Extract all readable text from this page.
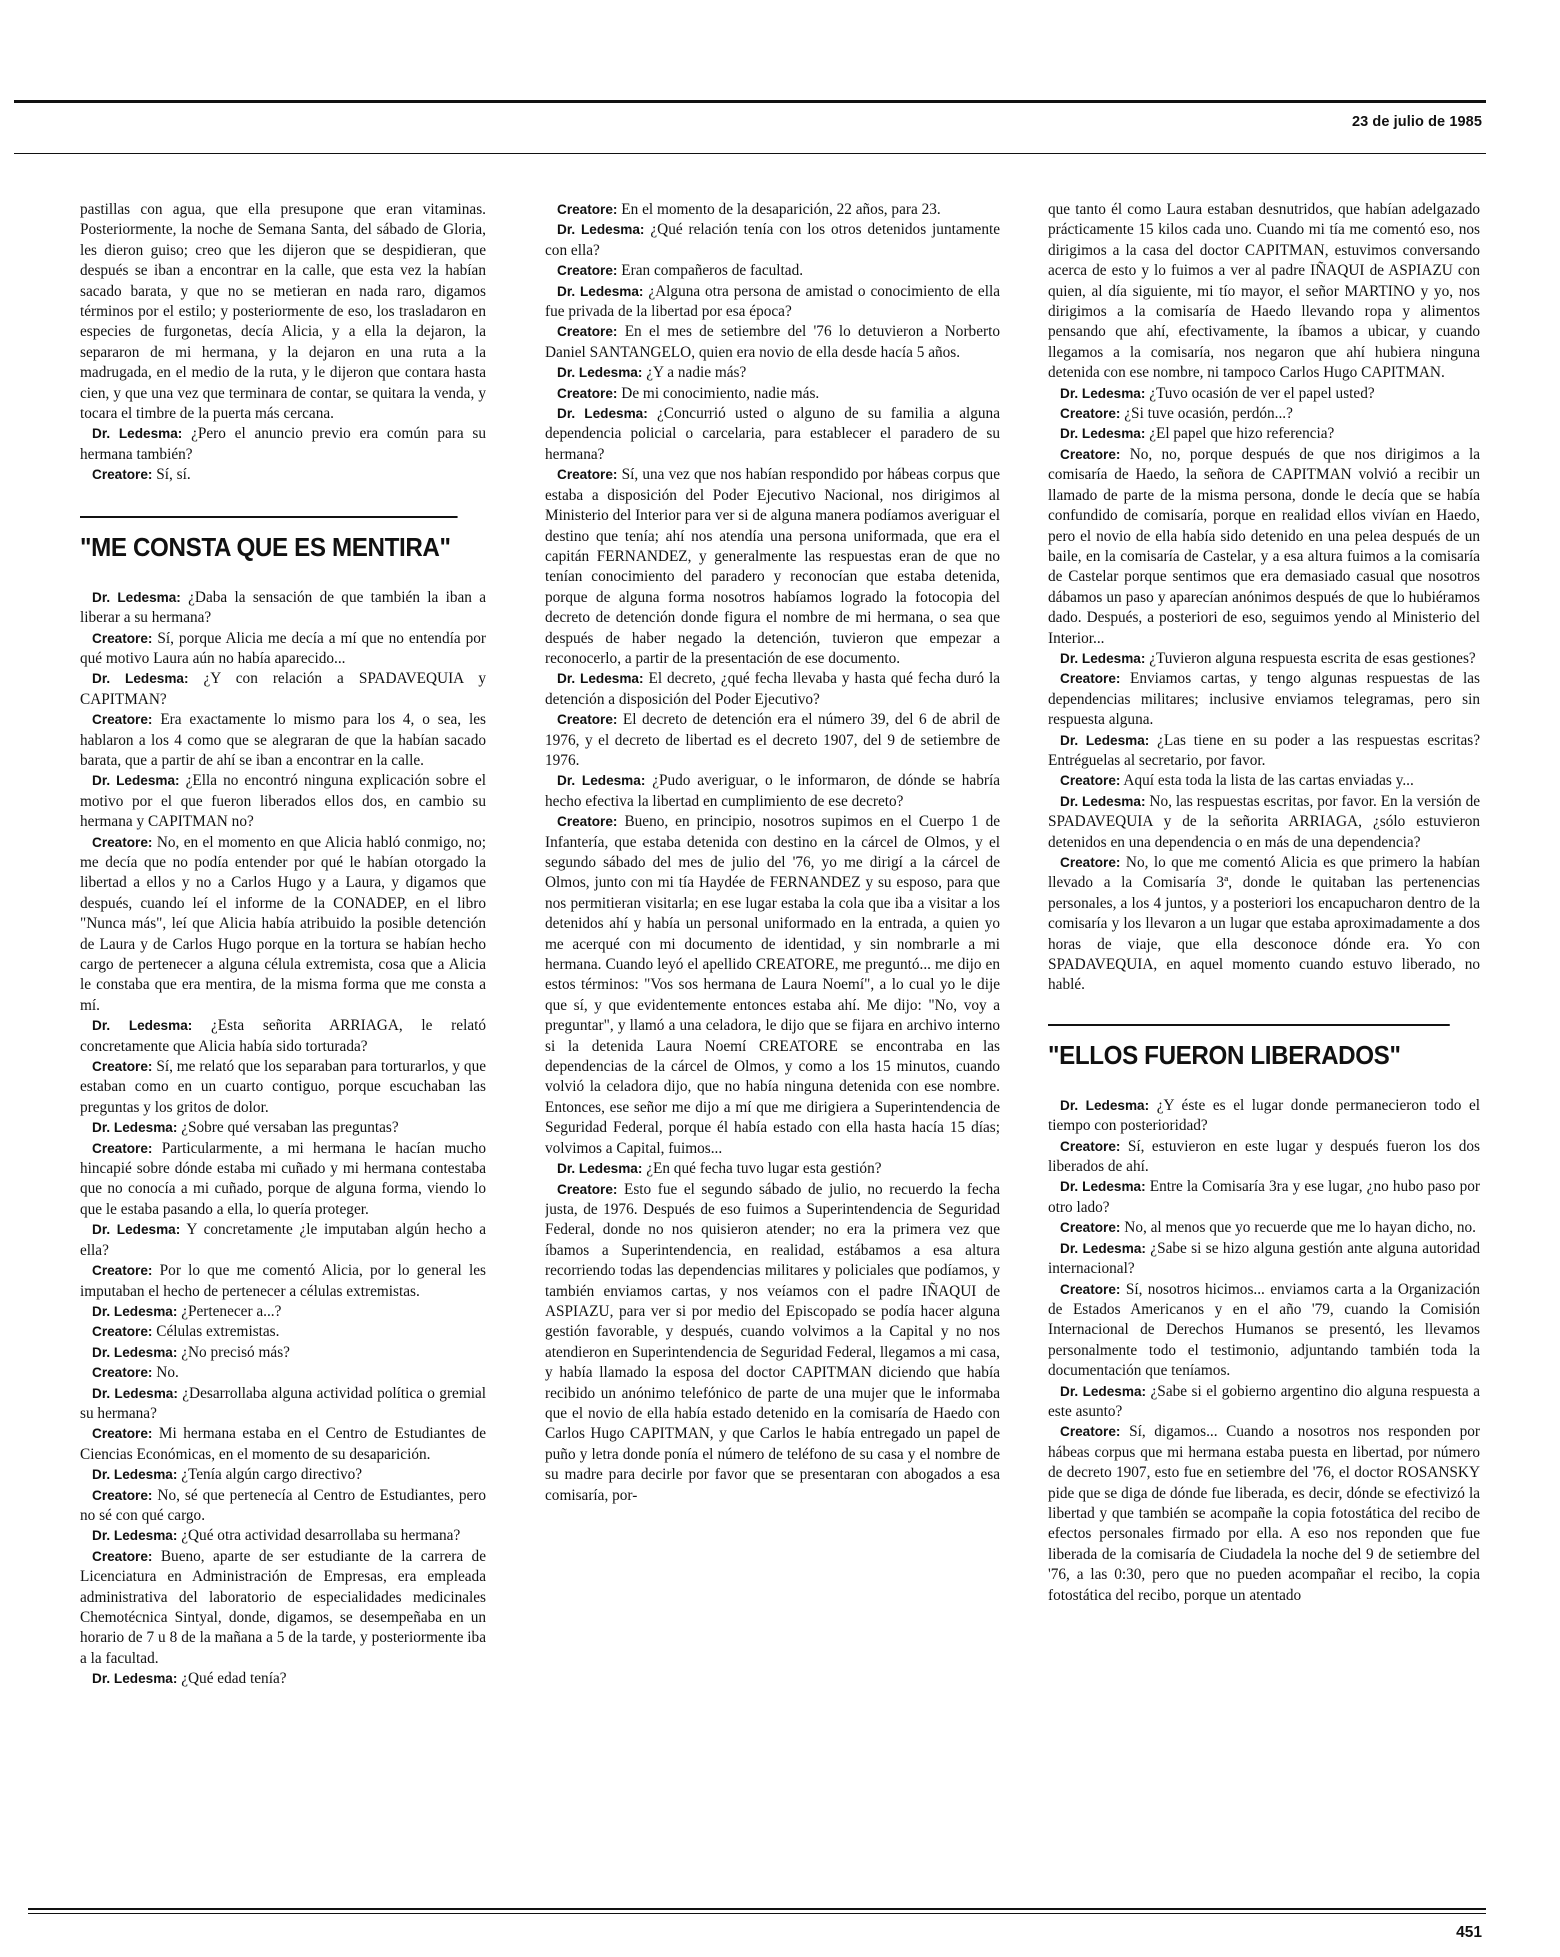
23 de julio de 1985

pastillas con agua, que ella presupone que eran vitaminas. Posteriormente, la noche de Semana Santa, del sábado de Gloria, les dieron guiso; creo que les dijeron que se despidieran, que después se iban a encontrar en la calle, que esta vez la habían sacado barata, y que no se metieran en nada raro, digamos términos por el estilo; y posteriormente de eso, los trasladaron en especies de furgonetas, decía Alicia, y a ella la dejaron, la separaron de mi hermana, y la dejaron en una ruta a la madrugada, en el medio de la ruta, y le dijeron que contara hasta cien, y que una vez que terminara de contar, se quitara la venda, y tocara el timbre de la puerta más cercana.

Dr. Ledesma: ¿Pero el anuncio previo era común para su hermana también?

Creatore: Sí, sí.

"ME CONSTA QUE ES MENTIRA"

Dr. Ledesma: ¿Daba la sensación de que también la iban a liberar a su hermana?

Creatore: Sí, porque Alicia me decía a mí que no entendía por qué motivo Laura aún no había aparecido...

Dr. Ledesma: ¿Y con relación a SPADAVEQUIA y CAPITMAN?

Creatore: Era exactamente lo mismo para los 4, o sea, les hablaron a los 4 como que se alegraran de que la habían sacado barata, que a partir de ahí se iban a encontrar en la calle.

Dr. Ledesma: ¿Ella no encontró ninguna explicación sobre el motivo por el que fueron liberados ellos dos, en cambio su hermana y CAPITMAN no?

Creatore: No, en el momento en que Alicia habló conmigo, no; me decía que no podía entender por qué le habían otorgado la libertad a ellos y no a Carlos Hugo y a Laura, y digamos que después, cuando leí el informe de la CONADEP, en el libro "Nunca más", leí que Alicia había atribuido la posible detención de Laura y de Carlos Hugo porque en la tortura se habían hecho cargo de pertenecer a alguna célula extremista, cosa que a Alicia le constaba que era mentira, de la misma forma que me consta a mí.

Dr. Ledesma: ¿Esta señorita ARRIAGA, le relató concretamente que Alicia había sido torturada?

Creatore: Sí, me relató que los separaban para torturarlos, y que estaban como en un cuarto contiguo, porque escuchaban las preguntas y los gritos de dolor.

Dr. Ledesma: ¿Sobre qué versaban las preguntas?

Creatore: Particularmente, a mi hermana le hacían mucho hincapié sobre dónde estaba mi cuñado y mi hermana contestaba que no conocía a mi cuñado, porque de alguna forma, viendo lo que le estaba pasando a ella, lo quería proteger.

Dr. Ledesma: Y concretamente ¿le imputaban algún hecho a ella?

Creatore: Por lo que me comentó Alicia, por lo general les imputaban el hecho de pertenecer a células extremistas.

Dr. Ledesma: ¿Pertenecer a...?

Creatore: Células extremistas.

Dr. Ledesma: ¿No precisó más?

Creatore: No.

Dr. Ledesma: ¿Desarrollaba alguna actividad política o gremial su hermana?

Creatore: Mi hermana estaba en el Centro de Estudiantes de Ciencias Económicas, en el momento de su desaparición.

Dr. Ledesma: ¿Tenía algún cargo directivo?

Creatore: No, sé que pertenecía al Centro de Estudiantes, pero no sé con qué cargo.

Dr. Ledesma: ¿Qué otra actividad desarrollaba su hermana?

Creatore: Bueno, aparte de ser estudiante de la carrera de Licenciatura en Administración de Empresas, era empleada administrativa del laboratorio de especialidades medicinales Chemotécnica Sintyal, donde, digamos, se desempeñaba en un horario de 7 u 8 de la mañana a 5 de la tarde, y posteriormente iba a la facultad.

Dr. Ledesma: ¿Qué edad tenía?

Creatore: En el momento de la desaparición, 22 años, para 23.

Dr. Ledesma: ¿Qué relación tenía con los otros detenidos juntamente con ella?

Creatore: Eran compañeros de facultad.

Dr. Ledesma: ¿Alguna otra persona de amistad o conocimiento de ella fue privada de la libertad por esa época?

Creatore: En el mes de setiembre del '76 lo detuvieron a Norberto Daniel SANTANGELO, quien era novio de ella desde hacía 5 años.

Dr. Ledesma: ¿Y a nadie más?

Creatore: De mi conocimiento, nadie más.

Dr. Ledesma: ¿Concurrió usted o alguno de su familia a alguna dependencia policial o carcelaria, para establecer el paradero de su hermana?

Creatore: Sí, una vez que nos habían respondido por hábeas corpus que estaba a disposición del Poder Ejecutivo Nacional, nos dirigimos al Ministerio del Interior para ver si de alguna manera podíamos averiguar el destino que tenía; ahí nos atendía una persona uniformada, que era el capitán FERNANDEZ, y generalmente las respuestas eran de que no tenían conocimiento del paradero y reconocían que estaba detenida, porque de alguna forma nosotros habíamos logrado la fotocopia del decreto de detención donde figura el nombre de mi hermana, o sea que después de haber negado la detención, tuvieron que empezar a reconocerlo, a partir de la presentación de ese documento.

Dr. Ledesma: El decreto, ¿qué fecha llevaba y hasta qué fecha duró la detención a disposición del Poder Ejecutivo?

Creatore: El decreto de detención era el número 39, del 6 de abril de 1976, y el decreto de libertad es el decreto 1907, del 9 de setiembre de 1976.

Dr. Ledesma: ¿Pudo averiguar, o le informaron, de dónde se habría hecho efectiva la libertad en cumplimiento de ese decreto?

Creatore: Bueno, en principio, nosotros supimos en el Cuerpo 1 de Infantería, que estaba detenida con destino en la cárcel de Olmos, y el segundo sábado del mes de julio del '76, yo me dirigí a la cárcel de Olmos, junto con mi tía Haydée de FERNANDEZ y su esposo, para que nos permitieran visitarla; en ese lugar estaba la cola que iba a visitar a los detenidos ahí y había un personal uniformado en la entrada, a quien yo me acerqué con mi documento de identidad, y sin nombrarle a mi hermana. Cuando leyó el apellido CREATORE, me preguntó... me dijo en estos términos: "Vos sos hermana de Laura Noemí", a lo cual yo le dije que sí, y que evidentemente entonces estaba ahí. Me dijo: "No, voy a preguntar", y llamó a una celadora, le dijo que se fijara en archivo interno si la detenida Laura Noemí CREATORE se encontraba en las dependencias de la cárcel de Olmos, y como a los 15 minutos, cuando volvió la celadora dijo, que no había ninguna detenida con ese nombre. Entonces, ese señor me dijo a mí que me dirigiera a Superintendencia de Seguridad Federal, porque él había estado con ella hasta hacía 15 días; volvimos a Capital, fuimos...

Dr. Ledesma: ¿En qué fecha tuvo lugar esta gestión?

Creatore: Esto fue el segundo sábado de julio, no recuerdo la fecha justa, de 1976. Después de eso fuimos a Superintendencia de Seguridad Federal, donde no nos quisieron atender; no era la primera vez que íbamos a Superintendencia, en realidad, estábamos a esa altura recorriendo todas las dependencias militares y policiales que podíamos, y también enviamos cartas, y nos veíamos con el padre IÑAQUI de ASPIAZU, para ver si por medio del Episcopado se podía hacer alguna gestión favorable, y después, cuando volvimos a la Capital y no nos atendieron en Superintendencia de Seguridad Federal, llegamos a mi casa, y había llamado la esposa del doctor CAPITMAN diciendo que había recibido un anónimo telefónico de parte de una mujer que le informaba que el novio de ella había estado detenido en la comisaría de Haedo con Carlos Hugo CAPITMAN, y que Carlos le había entregado un papel de puño y letra donde ponía el número de teléfono de su casa y el nombre de su madre para decirle por favor que se presentaran con abogados a esa comisaría, por-

que tanto él como Laura estaban desnutridos, que habían adelgazado prácticamente 15 kilos cada uno. Cuando mi tía me comentó eso, nos dirigimos a la casa del doctor CAPITMAN, estuvimos conversando acerca de esto y lo fuimos a ver al padre IÑAQUI de ASPIAZU con quien, al día siguiente, mi tío mayor, el señor MARTINO y yo, nos dirigimos a la comisaría de Haedo llevando ropa y alimentos pensando que ahí, efectivamente, la íbamos a ubicar, y cuando llegamos a la comisaría, nos negaron que ahí hubiera ninguna detenida con ese nombre, ni tampoco Carlos Hugo CAPITMAN.

Dr. Ledesma: ¿Tuvo ocasión de ver el papel usted?

Creatore: ¿Si tuve ocasión, perdón...?

Dr. Ledesma: ¿El papel que hizo referencia?

Creatore: No, no, porque después de que nos dirigimos a la comisaría de Haedo, la señora de CAPITMAN volvió a recibir un llamado de parte de la misma persona, donde le decía que se había confundido de comisaría, porque en realidad ellos vivían en Haedo, pero el novio de ella había sido detenido en una pelea después de un baile, en la comisaría de Castelar, y a esa altura fuimos a la comisaría de Castelar porque sentimos que era demasiado casual que nosotros dábamos un paso y aparecían anónimos después de que lo hubiéramos dado. Después, a posteriori de eso, seguimos yendo al Ministerio del Interior...

Dr. Ledesma: ¿Tuvieron alguna respuesta escrita de esas gestiones?

Creatore: Enviamos cartas, y tengo algunas respuestas de las dependencias militares; inclusive enviamos telegramas, pero sin respuesta alguna.

Dr. Ledesma: ¿Las tiene en su poder a las respuestas escritas? Entréguelas al secretario, por favor.

Creatore: Aquí esta toda la lista de las cartas enviadas y...

Dr. Ledesma: No, las respuestas escritas, por favor. En la versión de SPADAVEQUIA y de la señorita ARRIAGA, ¿sólo estuvieron detenidos en una dependencia o en más de una dependencia?

Creatore: No, lo que me comentó Alicia es que primero la habían llevado a la Comisaría 3ª, donde le quitaban las pertenencias personales, a los 4 juntos, y a posteriori los encapucharon dentro de la comisaría y los llevaron a un lugar que estaba aproximadamente a dos horas de viaje, que ella desconoce dónde era. Yo con SPADAVEQUIA, en aquel momento cuando estuvo liberado, no hablé.

"ELLOS FUERON LIBERADOS"

Dr. Ledesma: ¿Y éste es el lugar donde permanecieron todo el tiempo con posterioridad?

Creatore: Sí, estuvieron en este lugar y después fueron los dos liberados de ahí.

Dr. Ledesma: Entre la Comisaría 3ra y ese lugar, ¿no hubo paso por otro lado?

Creatore: No, al menos que yo recuerde que me lo hayan dicho, no.

Dr. Ledesma: ¿Sabe si se hizo alguna gestión ante alguna autoridad internacional?

Creatore: Sí, nosotros hicimos... enviamos carta a la Organización de Estados Americanos y en el año '79, cuando la Comisión Internacional de Derechos Humanos se presentó, les llevamos personalmente todo el testimonio, adjuntando también toda la documentación que teníamos.

Dr. Ledesma: ¿Sabe si el gobierno argentino dio alguna respuesta a este asunto?

Creatore: Sí, digamos... Cuando a nosotros nos responden por hábeas corpus que mi hermana estaba puesta en libertad, por número de decreto 1907, esto fue en setiembre del '76, el doctor ROSANSKY pide que se diga de dónde fue liberada, es decir, dónde se efectivizó la libertad y que también se acompañe la copia fotostática del recibo de efectos personales firmado por ella. A eso nos reponden que fue liberada de la comisaría de Ciudadela la noche del 9 de setiembre del '76, a las 0:30, pero que no pueden acompañar el recibo, la copia fotostática del recibo, porque un atentado

451
